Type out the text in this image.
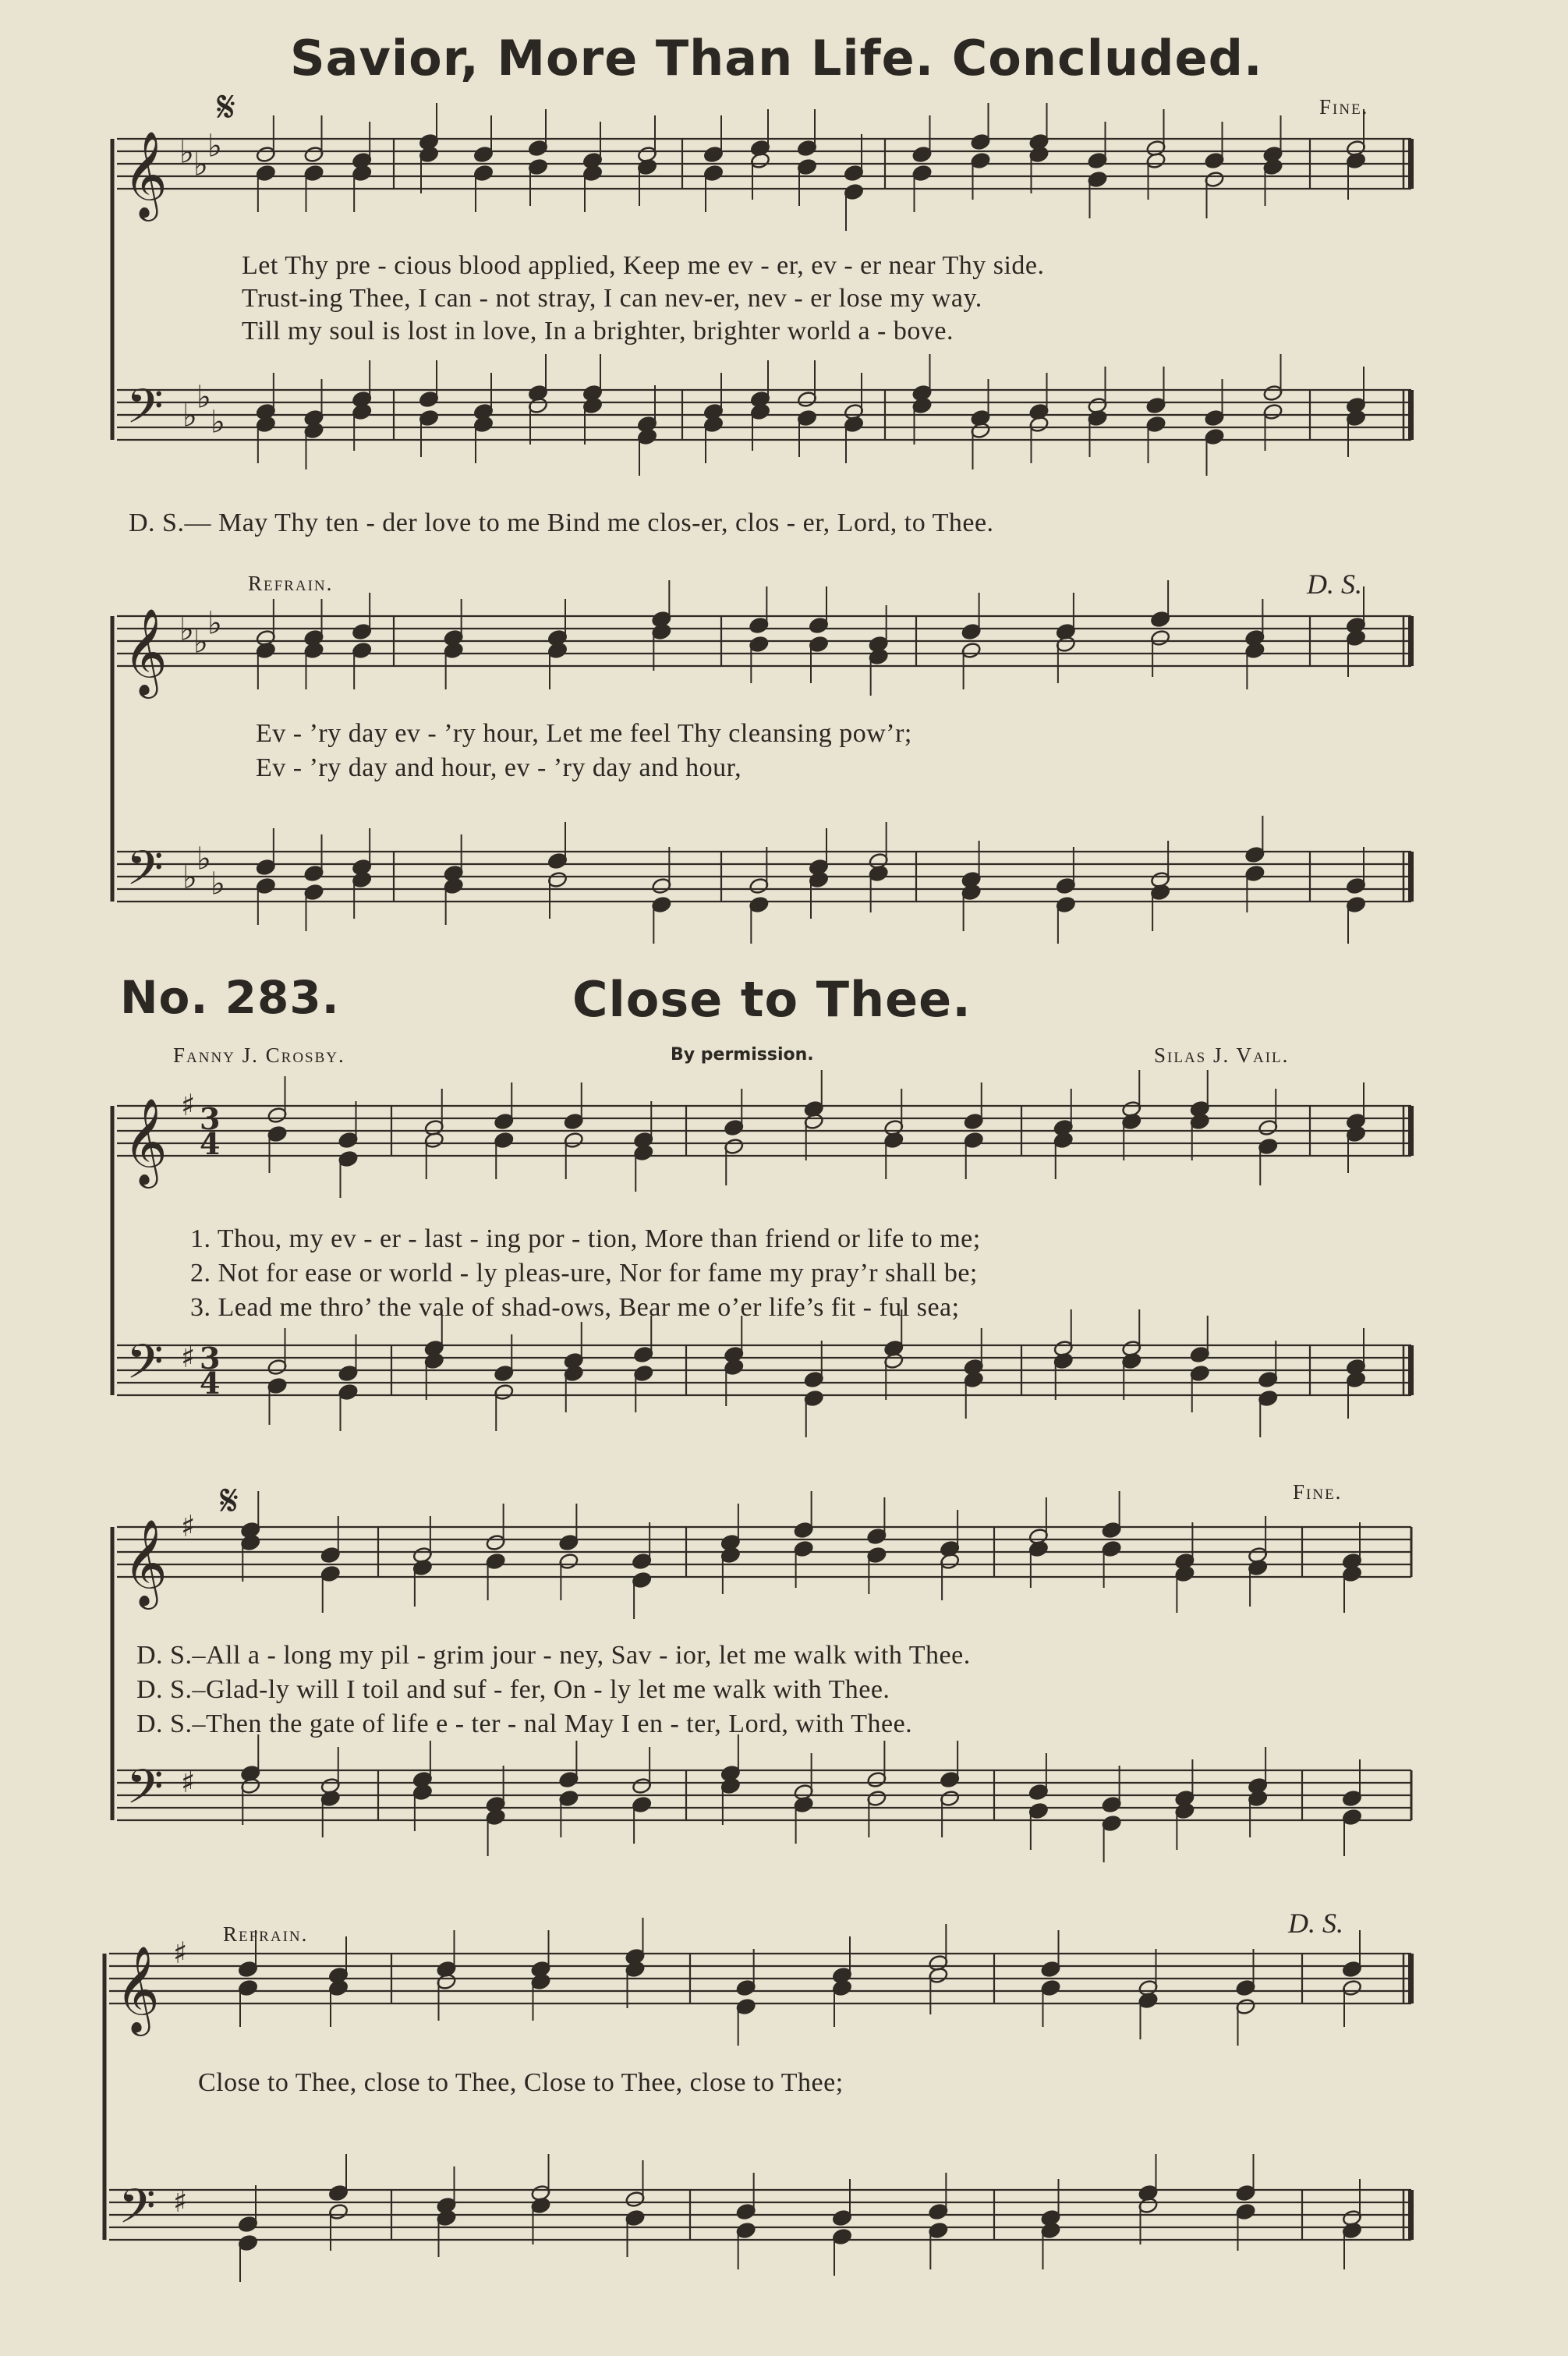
Savior, More Than Life. Concluded.
𝄋	Fine.
Let Thy pre - cious blood applied, Keep me ev - er, ev - er near Thy side.
Trust-ing Thee, I can - not stray, I can nev-er, nev - er lose my way.
Till my soul is lost in love, In a brighter, brighter world a - bove.
D. S.— May Thy ten - der love to me Bind me clos-er, clos - er, Lord, to Thee.
Refrain.	D. S.
Ev - ’ry day ev - ’ry hour, Let me feel Thy cleansing pow’r;
Ev - ’ry day and hour, ev - ’ry day and hour,
No. 283.	Close to Thee.
Fanny J. Crosby.	By permission.	Silas J. Vail.
1. Thou, my ev - er - last - ing por - tion, More than friend or life to me;
2. Not for ease or world - ly pleas-ure, Nor for fame my pray’r shall be;
3. Lead me thro’ the vale of shad-ows, Bear me o’er life’s fit - ful sea;
𝄋	Fine.
D. S.–All a - long my pil - grim jour - ney, Sav - ior, let me walk with Thee.
D. S.–Glad-ly will I toil and suf - fer, On - ly let me walk with Thee.
D. S.–Then the gate of life e - ter - nal May I en - ter, Lord, with Thee.
Refrain.	D. S.
Close to Thee, close to Thee, Close to Thee, close to Thee;
𝄞
𝄢
♭ ♭
♭
♭
♭
♭
𝄞
𝄢
♭ ♭
♭
♭
♭
♭
𝄞
𝄢
♯
♯
3
4
3
4
𝄞
𝄢
♯
♯
𝄞
𝄢
♯
♯
